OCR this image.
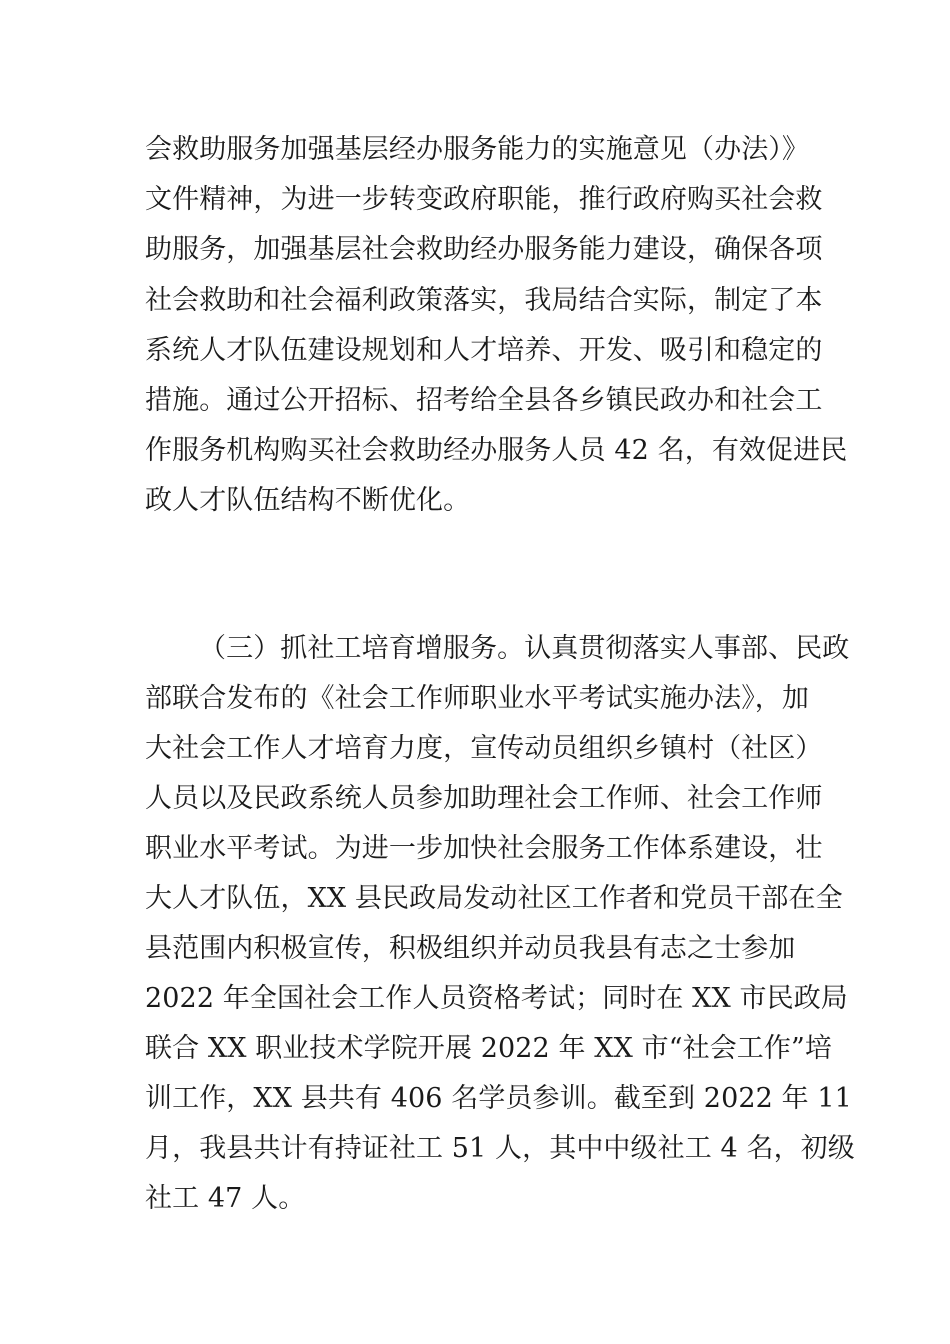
会救助服务加强基层经办服务能力的实施意见（办法）》
文件精神，为进一步转变政府职能，推行政府购买社会救
助服务，加强基层社会救助经办服务能力建设，确保各项
社会救助和社会福利政策落实，我局结合实际，制定了本
系统人才队伍建设规划和人才培养、开发、吸引和稳定的
措施。通过公开招标、招考给全县各乡镇民政办和社会工
作服务机构购买社会救助经办服务人员 42 名，有效促进民
政人才队伍结构不断优化。
（三）抓社工培育增服务。认真贯彻落实人事部、民政
部联合发布的《社会工作师职业水平考试实施办法》，加
大社会工作人才培育力度，宣传动员组织乡镇村（社区）
人员以及民政系统人员参加助理社会工作师、社会工作师
职业水平考试。为进一步加快社会服务工作体系建设，壮
大人才队伍，XX 县民政局发动社区工作者和党员干部在全
县范围内积极宣传，积极组织并动员我县有志之士参加
2022 年全国社会工作人员资格考试；同时在 XX 市民政局
联合 XX 职业技术学院开展 2022 年 XX 市“社会工作”培
训工作，XX 县共有 406 名学员参训。截至到 2022 年 11
月，我县共计有持证社工 51 人，其中中级社工 4 名，初级
社工 47 人。
